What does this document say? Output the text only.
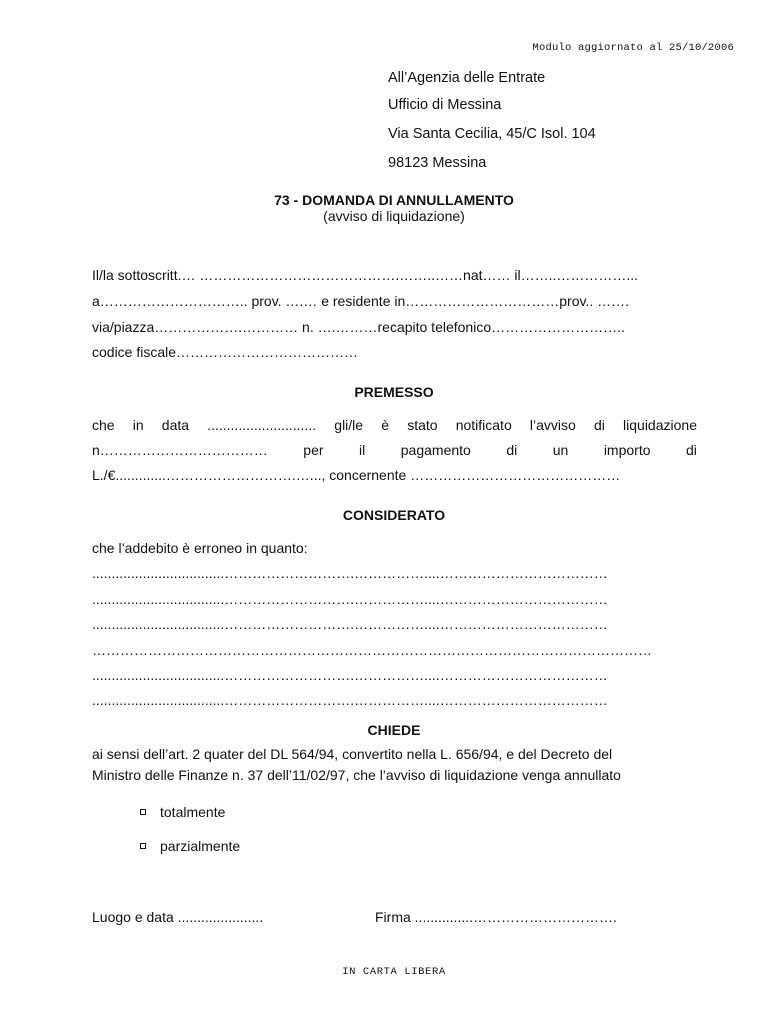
Modulo aggiornato al 25/10/2006
All’Agenzia delle Entrate
Ufficio di Messina
Via Santa Cecilia, 45/C Isol. 104
98123 Messina
73 - DOMANDA DI ANNULLAMENTO
(avviso di liquidazione)
Il/la sottoscritt.… …………………………………….……..……nat…… il……..……………...
a………………………….. prov. ….… e residente in……………………………prov.. …….
via/piazza……………….………… n. ….………recapito telefonico………………………..
codice fiscale…………………………………
PREMESSO
che in data ............................ gli/le è stato notificato l’avviso di liquidazione
n………………………………	per	il	pagamento	di	un	importo	di
L./€.............……………………….…..., concernente ………………………………………
CONSIDERATO
che l’addebito è erroneo in quanto:
..................................……………………….……………....………………………………
..................................……………………….……………....………………………………
..................................……………………….……………....………………………………
…………………………………………………………………………………………………………
..................................……………………….……………....………………………………
..................................……………………….……………....………………………………
CHIEDE
ai sensi dell’art. 2 quater del DL 564/94, convertito nella L. 656/94, e del Decreto del
Ministro delle Finanze n. 37 dell’11/02/97, che l’avviso di liquidazione venga annullato
totalmente
parzialmente
Luogo e data ......................	Firma ...............………………………….
IN CARTA LIBERA
